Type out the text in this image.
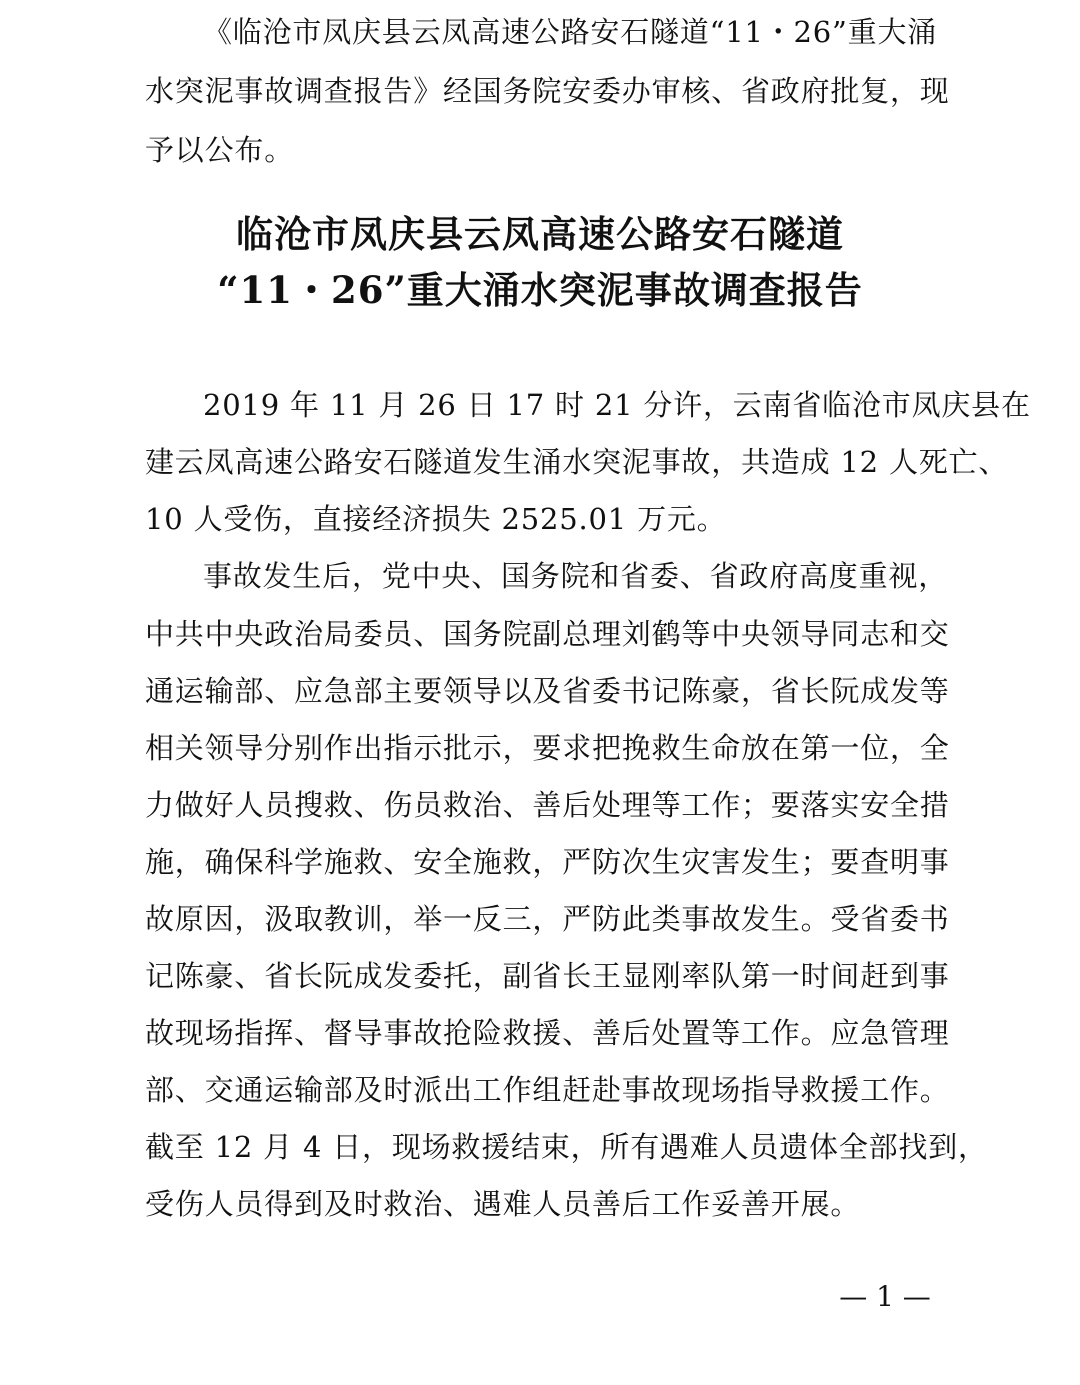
《临沧市凤庆县云凤高速公路安石隧道“11・26”重大涌
水突泥事故调查报告》经国务院安委办审核、省政府批复，现
予以公布。
临沧市凤庆县云凤高速公路安石隧道
“11・26”重大涌水突泥事故调查报告
2019 年 11 月 26 日 17 时 21 分许，云南省临沧市凤庆县在
建云凤高速公路安石隧道发生涌水突泥事故，共造成 12 人死亡、
10 人受伤，直接经济损失 2525.01 万元。
事故发生后，党中央、国务院和省委、省政府高度重视，
中共中央政治局委员、国务院副总理刘鹤等中央领导同志和交
通运输部、应急部主要领导以及省委书记陈豪，省长阮成发等
相关领导分别作出指示批示，要求把挽救生命放在第一位，全
力做好人员搜救、伤员救治、善后处理等工作；要落实安全措
施，确保科学施救、安全施救，严防次生灾害发生；要查明事
故原因，汲取教训，举一反三，严防此类事故发生。受省委书
记陈豪、省长阮成发委托，副省长王显刚率队第一时间赶到事
故现场指挥、督导事故抢险救援、善后处置等工作。应急管理
部、交通运输部及时派出工作组赶赴事故现场指导救援工作。
截至 12 月 4 日，现场救援结束，所有遇难人员遗体全部找到，
受伤人员得到及时救治、遇难人员善后工作妥善开展。
— 1 —
